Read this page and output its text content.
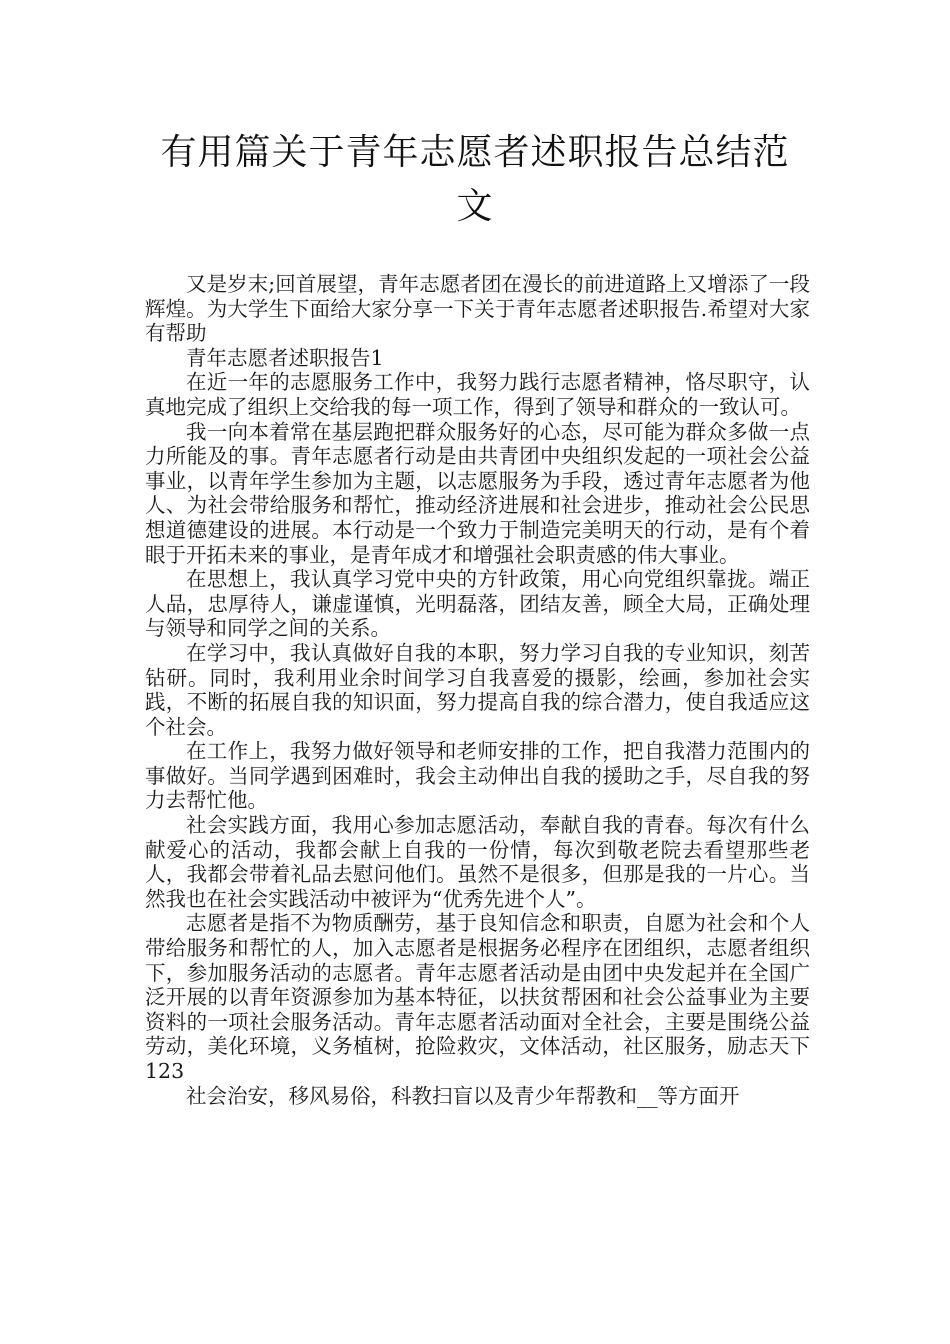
有用篇关于青年志愿者述职报告总结范文

又是岁末;回首展望，青年志愿者团在漫长的前进道路上又增添了一段辉煌。为大学生下面给大家分享一下关于青年志愿者述职报告.希望对大家有帮助

青年志愿者述职报告1

在近一年的志愿服务工作中，我努力践行志愿者精神，恪尽职守，认真地完成了组织上交给我的每一项工作，得到了领导和群众的一致认可。

我一向本着常在基层跑把群众服务好的心态，尽可能为群众多做一点力所能及的事。青年志愿者行动是由共青团中央组织发起的一项社会公益事业，以青年学生参加为主题，以志愿服务为手段，透过青年志愿者为他人、为社会带给服务和帮忙，推动经济进展和社会进步，推动社会公民思想道德建设的进展。本行动是一个致力于制造完美明天的行动，是有个着眼于开拓未来的事业，是青年成才和增强社会职责感的伟大事业。

在思想上，我认真学习党中央的方针政策，用心向党组织靠拢。端正人品，忠厚待人，谦虚谨慎，光明磊落，团结友善，顾全大局，正确处理与领导和同学之间的关系。

在学习中，我认真做好自我的本职，努力学习自我的专业知识，刻苦钻研。同时，我利用业余时间学习自我喜爱的摄影，绘画，参加社会实践，不断的拓展自我的知识面，努力提高自我的综合潜力，使自我适应这个社会。

在工作上，我努力做好领导和老师安排的工作，把自我潜力范围内的事做好。当同学遇到困难时，我会主动伸出自我的援助之手，尽自我的努力去帮忙他。

社会实践方面，我用心参加志愿活动，奉献自我的青春。每次有什么献爱心的活动，我都会献上自我的一份情，每次到敬老院去看望那些老人，我都会带着礼品去慰问他们。虽然不是很多，但那是我的一片心。当然我也在社会实践活动中被评为“优秀先进个人”。

志愿者是指不为物质酬劳，基于良知信念和职责，自愿为社会和个人带给服务和帮忙的人，加入志愿者是根据务必程序在团组织，志愿者组织下，参加服务活动的志愿者。青年志愿者活动是由团中央发起并在全国广泛开展的以青年资源参加为基本特征，以扶贫帮困和社会公益事业为主要资料的一项社会服务活动。青年志愿者活动面对全社会，主要是围绕公益劳动，美化环境，义务植树，抢险救灾，文体活动，社区服务，励志天下123

社会治安，移风易俗，科教扫盲以及青少年帮教和__等方面开
